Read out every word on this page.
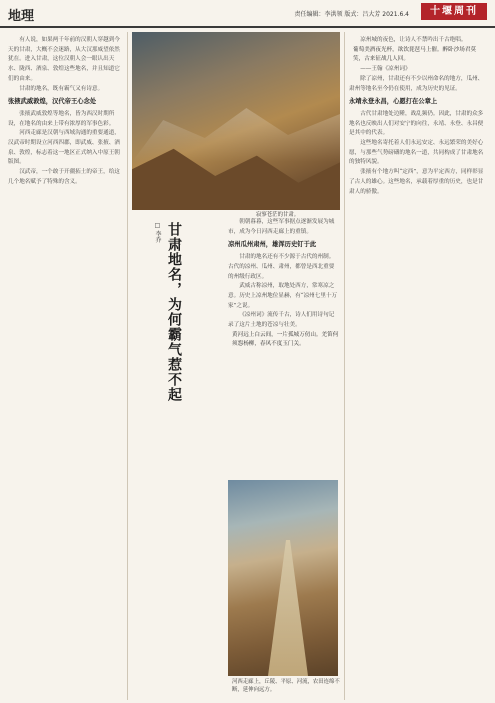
地理	责任编辑：李洪领 版式：吕大芳 2021.6.4	十堰周刊

有人说，如果两千年前的汉朝人穿越到今天的甘肃，大概不会迷路，从大汉那威望依然犹在。进入甘肃，这位汉朝人会一眼认出天水、陇西、酒泉、敦煌这些地名，并且知道它们的由来。

甘肃的地名，既有霸气又有诗意。

张掖武威敦煌，汉代帝王心念处

张掖武威敦煌等地名，皆为西汉时期所设，在地名的由来上带有浓厚的军事色彩。

河西走廊是汉朝与西域沟通的重要通道，汉武帝时期设立河西四郡，即武威、张掖、酒泉、敦煌，标志着这一地区正式纳入中原王朝版图。

汉武帝，一个敢于开疆拓土的帝王，给这几个地名赋予了特殊的含义。

寂寥苍茫的甘肃。
□ 李乔 甘肃地名，为何霸气惹不起	朝朝暮暮，这些军事据点逐渐发展为城市，成为今日河西走廊上的重镇。

凉州瓜州肃州，雄浑历史钉于此

甘肃的地名还有不少源于古代的州制。古代的凉州、瓜州、肃州，都曾是西北重要的州级行政区。

武威古称凉州，取地处西方，常寒凉之意。历史上凉州地位显赫，有“凉州七里十万家”之说。

《凉州词》流传千古，诗人们用诗句记录了这片土地的苍凉与壮美。

黄河远上白云间，一片孤城万仞山。羌笛何须怨杨柳，春风不度玉门关。

河西走廊上，丘陵、平原、河流，农田连绵不断，延伸向远方。

凉州城的夜色，让诗人不禁吟出千古绝唱。

葡萄美酒夜光杯，欲饮琵琶马上催。醉卧沙场君莫笑，古来征战几人回。

——王翰《凉州词》

除了凉州，甘肃还有不少以州命名的地方，瓜州、肃州等地名至今仍在使用，成为历史的见证。

永靖永登永昌，心愿打在公章上

古代甘肃地处边陲，战乱频仍。因此，甘肃的众多地名也反映出人们对安宁的向往，永靖、永登、永昌便是其中的代表。

这些地名寄托着人们永远安定、永远繁荣的美好心愿，与那些气势磅礴的地名一道，共同构成了甘肃地名的独特风貌。

张掖有个地方叫“定西”，意为平定西方，同样彰显了古人的雄心。这些地名，承载着厚重的历史，也是甘肃人的骄傲。
